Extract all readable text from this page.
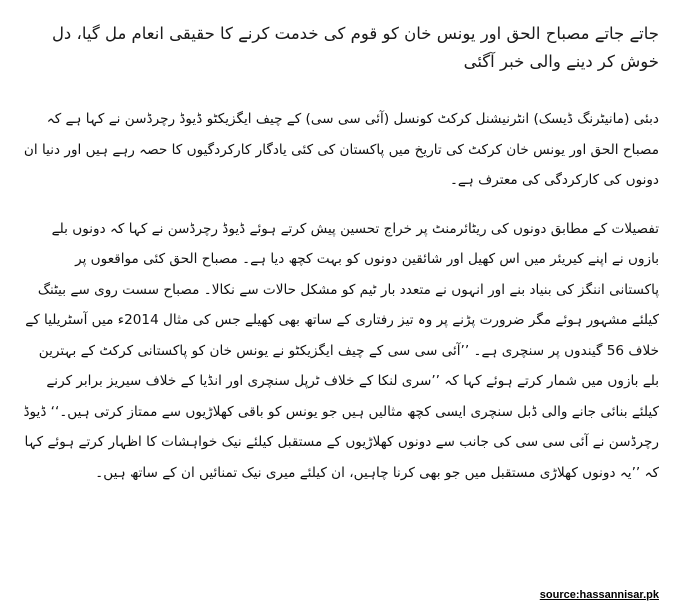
جاتے جاتے مصباح الحق اور یونس خان کو قوم کی خدمت کرنے کا حقیقی انعام مل گیا، دل خوش کر دینے والی خبر آگئی

دبئی (مانیٹرنگ ڈیسک) انٹرنیشنل کرکٹ کونسل (آئی سی سی) کے چیف ایگزیکٹو ڈیوڈ رچرڈسن نے کہا ہے کہ مصباح الحق اور یونس خان کرکٹ کی تاریخ میں پاکستان کی کئی یادگار کارکردگیوں کا حصہ رہے ہیں اور دنیا ان دونوں کی کارکردگی کی معترف ہے۔

تفصیلات کے مطابق دونوں کی ریٹائرمنٹ پر خراج تحسین پیش کرتے ہوئے ڈیوڈ رچرڈسن نے کہا کہ دونوں بلے بازوں نے اپنے کیریئر میں اس کھیل اور شائقین دونوں کو بہت کچھ دیا ہے۔ مصباح الحق کئی مواقعوں پر پاکستانی اننگز کی بنیاد بنے اور انہوں نے متعدد بار ٹیم کو مشکل حالات سے نکالا۔ مصباح سست روی سے بیٹنگ کیلئے مشہور ہوئے مگر ضرورت پڑنے پر وہ تیز رفتاری کے ساتھ بھی کھیلے جس کی مثال 2014ء میں آسٹریلیا کے خلاف 56 گیندوں پر سنچری ہے۔ ’’آئی سی سی کے چیف ایگزیکٹو نے یونس خان کو پاکستانی کرکٹ کے بہترین بلے بازوں میں شمار کرتے ہوئے کہا کہ ’’سری لنکا کے خلاف ٹرپل سنچری اور انڈیا کے خلاف سیریز برابر کرنے کیلئے بنائی جانے والی ڈبل سنچری ایسی کچھ مثالیں ہیں جو یونس کو باقی کھلاڑیوں سے ممتاز کرتی ہیں۔‘‘ ڈیوڈ رچرڈسن نے آئی سی سی کی جانب سے دونوں کھلاڑیوں کے مستقبل کیلئے نیک خواہشات کا اظہار کرتے ہوئے کہا کہ ’’یہ دونوں کھلاڑی مستقبل میں جو بھی کرنا چاہیں، ان کیلئے میری نیک تمنائیں ان کے ساتھ ہیں۔

source:hassannisar.pk
